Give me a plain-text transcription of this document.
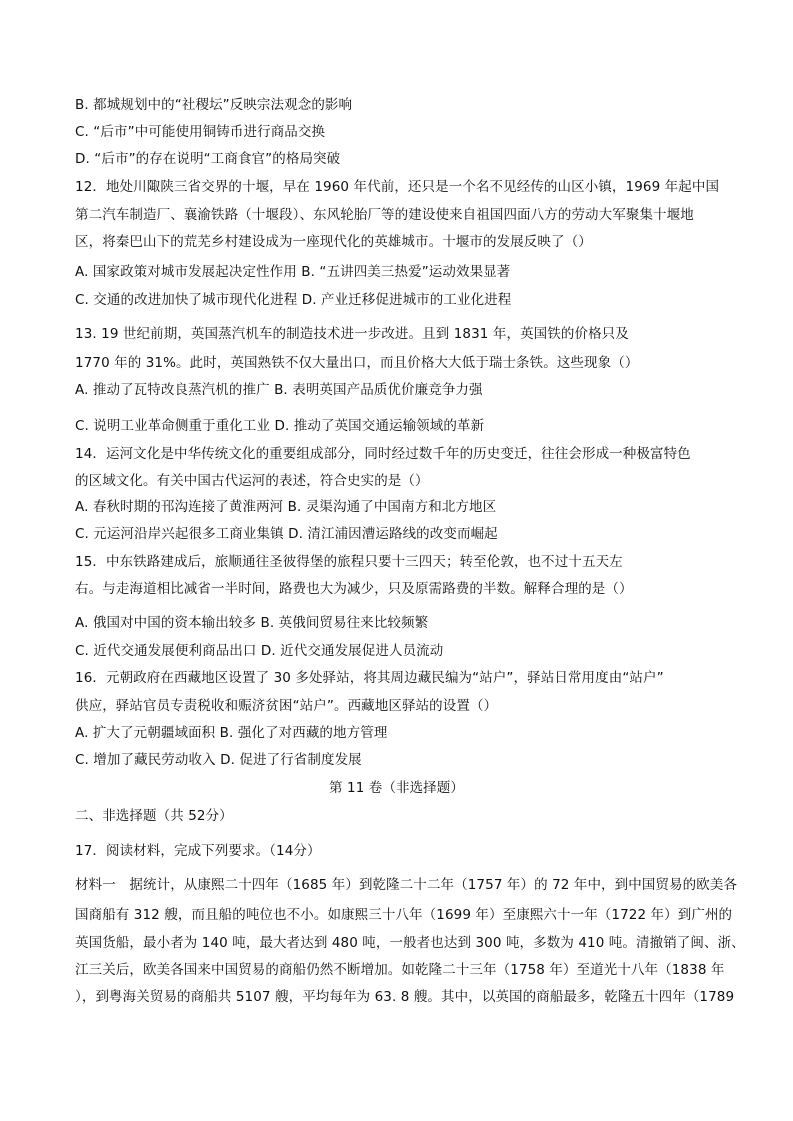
B. 都城规划中的“社稷坛”反映宗法观念的影响
C. “后市”中可能使用铜铸币进行商品交换
D. “后市”的存在说明“工商食官”的格局突破
12．地处川陬陕三省交界的十堰，早在 1960 年代前，还只是一个名不见经传的山区小镇，1969 年起中国
第二汽车制造厂、襄渝铁路（十堰段）、东风轮胎厂等的建设使来自祖国四面八方的劳动大军聚集十堰地
区，将秦巴山下的荒芜乡村建设成为一座现代化的英雄城市。十堰市的发展反映了（）
A. 国家政策对城市发展起决定性作用 B. “五讲四美三热爱”运动效果显著
C. 交通的改进加快了城市现代化进程 D. 产业迁移促进城市的工业化进程
13. 19 世纪前期，英国蒸汽机车的制造技术进一步改进。且到 1831 年，英国铁的价格只及
1770 年的 31%。此时，英国熟铁不仅大量出口，而且价格大大低于瑞士条铁。这些现象（）
A. 推动了瓦特改良蒸汽机的推广 B. 表明英国产品质优价廉竞争力强
C. 说明工业革命侧重于重化工业 D. 推动了英国交通运输领域的革新
14．运河文化是中华传统文化的重要组成部分，同时经过数千年的历史变迁，往往会形成一种极富特色
的区域文化。有关中国古代运河的表述，符合史实的是（）
A. 春秋时期的邗沟连接了黄淮两河 B. 灵渠沟通了中国南方和北方地区
C. 元运河沿岸兴起很多工商业集镇 D. 清江浦因漕运路线的改变而崛起
15．中东铁路建成后，旅顺通往圣彼得堡的旅程只要十三四天；转至伦敦，也不过十五天左
右。与走海道相比减省一半时间，路费也大为减少，只及原需路费的半数。解释合理的是（）
A. 俄国对中国的资本输出较多 B. 英俄间贸易往来比较频繁
C. 近代交通发展便利商品出口 D. 近代交通发展促进人员流动
16．元朝政府在西藏地区设置了 30 多处驿站，将其周边藏民编为“站户”，驿站日常用度由“站户”
供应，驿站官员专责税收和赈济贫困“站户”。西藏地区驿站的设置（）
A. 扩大了元朝疆域面积 B. 强化了对西藏的地方管理
C. 增加了藏民劳动收入 D. 促进了行省制度发展
第 11 卷（非选择题）
二、非选择题（共 52分）
17．阅读材料，完成下列要求。（14分）
材料一　据统计，从康熙二十四年（1685 年）到乾隆二十二年（1757 年）的 72 年中，到中国贸易的欧美各
国商船有 312 艘，而且船的吨位也不小。如康熙三十八年（1699 年）至康熙六十一年（1722 年）到广州的
英国货船，最小者为 140 吨，最大者达到 480 吨，一般者也达到 300 吨，多数为 410 吨。清撤销了闽、浙、
江三关后，欧美各国来中国贸易的商船仍然不断增加。如乾隆二十三年（1758 年）至道光十八年（1838 年
），到粤海关贸易的商船共 5107 艘，平均每年为 63. 8 艘。其中，以英国的商船最多，乾隆五十四年（1789
